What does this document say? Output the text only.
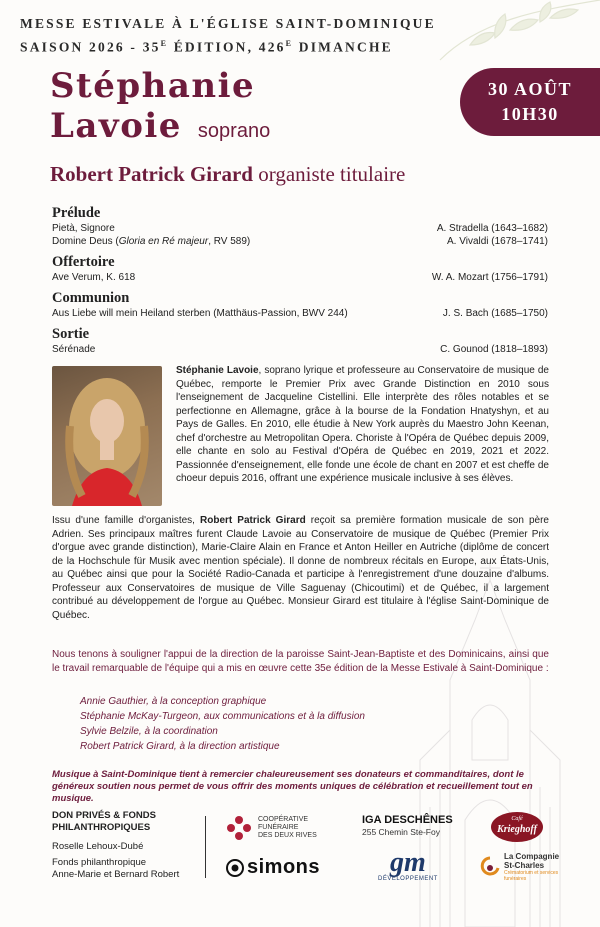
MESSE ESTIVALE À L'ÉGLISE SAINT-DOMINIQUE
SAISON $2026 - 35^E$ ÉDITION, $426^E$ DIMANCHE
Stéphanie
Lavoie soprano
30 AOÛT
10H30
Robert Patrick Girard organiste titulaire
Prélude
Pietà, Signore	A. Stradella (1643–1682)
Domine Deus (Gloria en Ré majeur, RV 589)	A. Vivaldi (1678–1741)
Offertoire
Ave Verum, K. 618	W. A. Mozart (1756–1791)
Communion
Aus Liebe will mein Heiland sterben (Matthäus-Passion, BWV 244)	J. S. Bach (1685–1750)
Sortie
Sérénade	C. Gounod (1818–1893)
Stéphanie Lavoie, soprano lyrique et professeure au Conservatoire de musique de Québec, remporte le Premier Prix avec Grande Distinction en 2010 sous l'enseignement de Jacqueline Cistellini. Elle interprète des rôles notables et se perfectionne en Allemagne, grâce à la bourse de la Fondation Hnatyshyn, et au Pays de Galles. En 2010, elle étudie à New York auprès du Maestro John Keenan, chef d'orchestre au Metropolitan Opera. Choriste à l'Opéra de Québec depuis 2009, elle chante en solo au Festival d'Opéra de Québec en 2019, 2021 et 2022. Passionnée d'enseignement, elle fonde une école de chant en 2007 et est cheffe de choeur depuis 2016, offrant une expérience musicale inclusive à ses élèves.
Issu d'une famille d'organistes, Robert Patrick Girard reçoit sa première formation musicale de son père Adrien. Ses principaux maîtres furent Claude Lavoie au Conservatoire de musique de Québec (Premier Prix d'orgue avec grande distinction), Marie-Claire Alain en France et Anton Heiller en Autriche (diplôme de concert de la Hochschule für Musik avec mention spéciale). Il donne de nombreux récitals en Europe, aux États-Unis, au Québec ainsi que pour la Société Radio-Canada et participe à l'enregistrement d'une douzaine d'albums. Professeur aux Conservatoires de musique de Ville Saguenay (Chicoutimi) et de Québec, il a largement contribué au développement de l'orgue au Québec. Monsieur Girard est titulaire à l'église Saint-Dominique de Québec.
Nous tenons à souligner l'appui de la direction de la paroisse Saint-Jean-Baptiste et des Dominicains, ainsi que le travail remarquable de l'équipe qui a mis en œuvre cette 35e édition de la Messe Estivale à Saint-Dominique :
Annie Gauthier, à la conception graphique
Stéphanie McKay-Turgeon, aux communications et à la diffusion
Sylvie Belzile, à la coordination
Robert Patrick Girard, à la direction artistique
Musique à Saint-Dominique tient à remercier chaleureusement ses donateurs et commanditaires, dont le généreux soutien nous permet de vous offrir des moments uniques de célébration et recueillement tout en musique.
DON PRIVÉS & FONDS
PHILANTHROPIQUES
Roselle Lehoux-Dubé
Fonds philanthropique
Anne-Marie et Bernard Robert
COOPÉRATIVE
FUNÉRAIRE
DES DEUX RIVES
IGA DESCHÊNES
255 Chemin Ste-Foy
Café
Krieghoff
simons	gm
DÉVELOPPEMENT
La Compagnie
St-Charles
Crématorium et services funéraires
